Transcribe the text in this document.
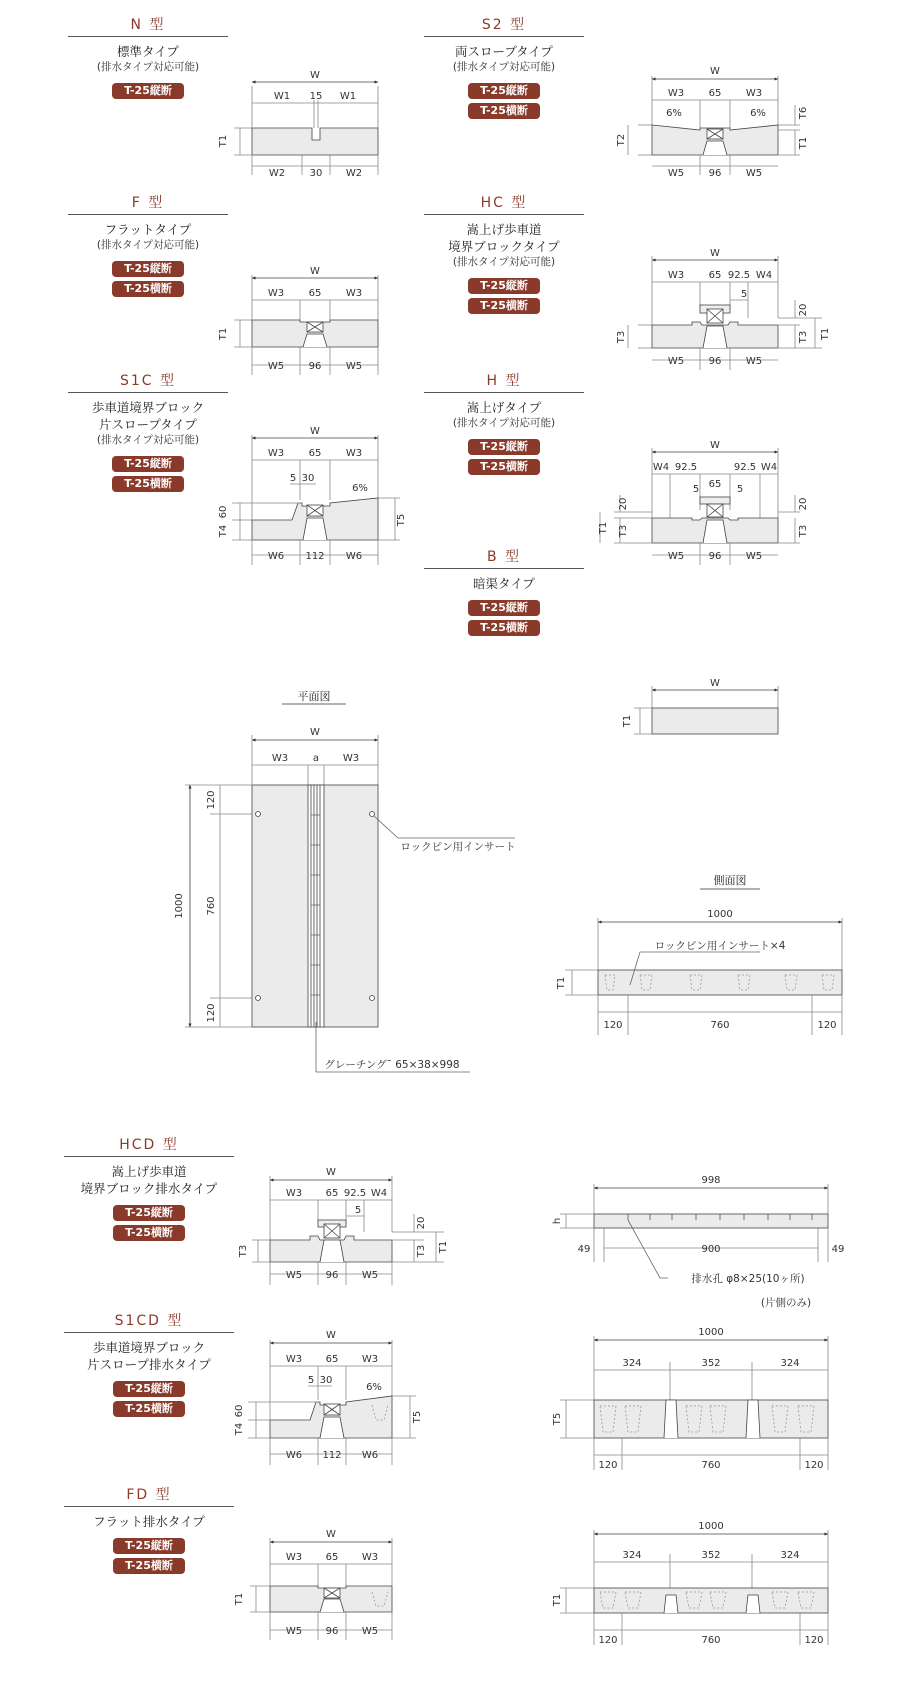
N 型
標準タイプ
(排水タイプ対応可能)
T-25縦断
S2 型
両スロープタイプ
(排水タイプ対応可能)
T-25縦断
T-25横断
F 型
フラットタイプ
(排水タイプ対応可能)
T-25縦断
T-25横断
HC 型
嵩上げ歩車道
境界ブロックタイプ
(排水タイプ対応可能)
T-25縦断
T-25横断
S1C 型
歩車道境界ブロック
片スロープタイプ
(排水タイプ対応可能)
T-25縦断
T-25横断
H 型
嵩上げタイプ
(排水タイプ対応可能)
T-25縦断
T-25横断
B 型
暗渠タイプ
T-25縦断
T-25横断
HCD 型
嵩上げ歩車道
境界ブロック排水タイプ
T-25縦断
T-25横断
S1CD 型
歩車道境界ブロック
片スロープ排水タイプ
T-25縦断
T-25横断
FD 型
フラット排水タイプ
T-25縦断
T-25横断
W
W1 15 W1
W2 30 W2
T1
W
W3 65 W3
6%	6%
W5 96 W5
T2
T6
T1
W
W3 65 W3
W5 96 W5
T1
W
W3 65 92.5 W4
5
W5 96 W5
T3
20
T3 T1
W
W3 65 W3
5 30
6%
W6 112 W6
60
T4
T5
W
W4 92.5	92.5 W4
65
5	5
W5 96 W5
20
T3
T1
20
T3
W
T1
平面図
W
W3 a W3
1000
120
760
120
ロックピン用インサート
グレーチングˉ 65×38×998
側面図
1000
ロックピン用インサート×4
T1
120	760	120
W
W3 65 92.5 W4
5
W5 96 W5
T3
20
T3 T1
998
h
49	900	49
排水孔 φ8×25(10ヶ所)
(片側のみ)
W
W3 65 W3
5 30
6%
W6 112 W6
60
T4
T5
1000
324	352	324
T5
120	760	120
W
W3 65 W3
W5 96 W5
T1
1000
324	352	324
T1
120	760	120
